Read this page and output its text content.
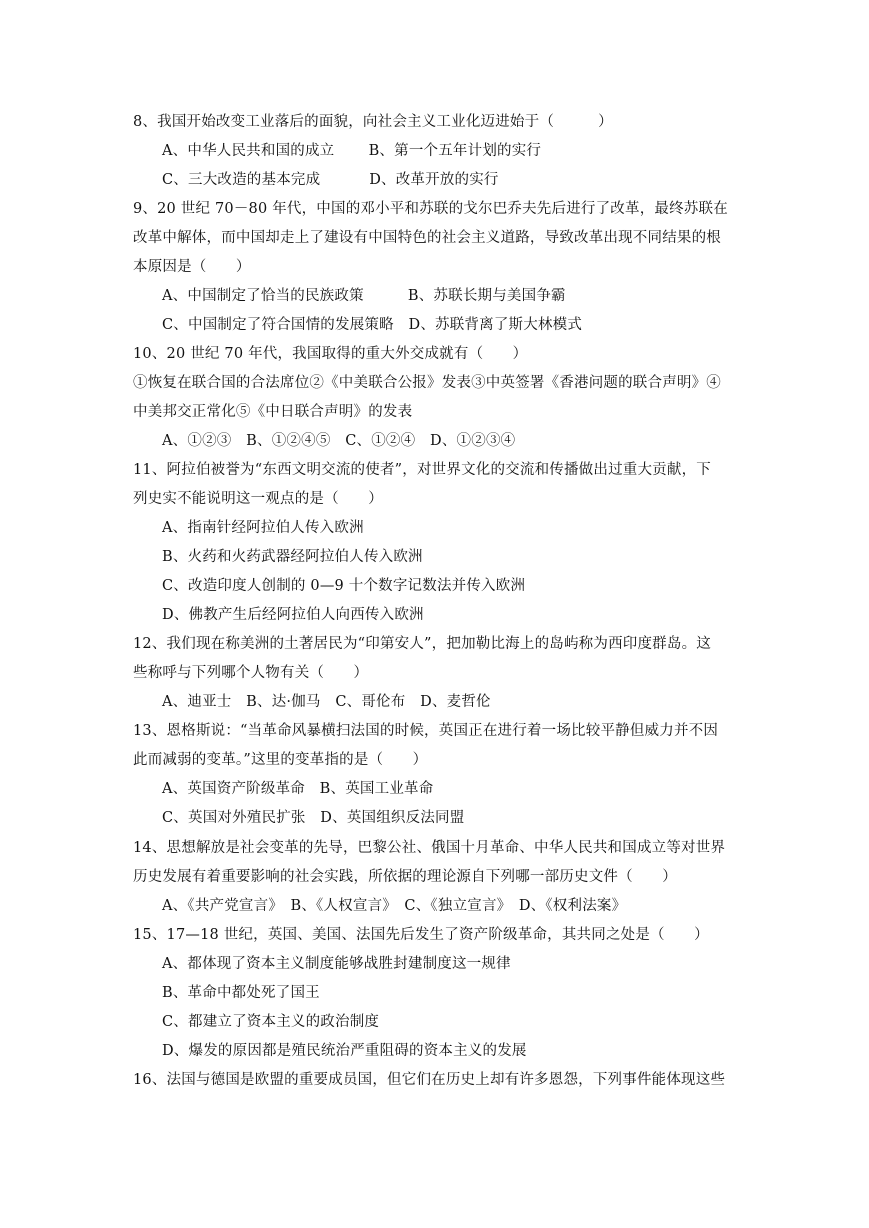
8、我国开始改变工业落后的面貌，向社会主义工业化迈进始于（　　　）
A、中华人民共和国的成立　　 B、第一个五年计划的实行
C、三大改造的基本完成　　　 D、改革开放的实行
9、20 世纪 70－80 年代，中国的邓小平和苏联的戈尔巴乔夫先后进行了改革，最终苏联在
改革中解体，而中国却走上了建设有中国特色的社会主义道路，导致改革出现不同结果的根
本原因是（　　）
A、中国制定了恰当的民族政策　　　B、苏联长期与美国争霸
C、中国制定了符合国情的发展策略　D、苏联背离了斯大林模式
10、20 世纪 70 年代，我国取得的重大外交成就有（　　）
①恢复在联合国的合法席位②《中美联合公报》发表③中英签署《香港问题的联合声明》④
中美邦交正常化⑤《中日联合声明》的发表
A、①②③　B、①②④⑤　C、①②④　D、①②③④
11、阿拉伯被誉为“东西文明交流的使者”，对世界文化的交流和传播做出过重大贡献，下
列史实不能说明这一观点的是（　　）
A、指南针经阿拉伯人传入欧洲
B、火药和火药武器经阿拉伯人传入欧洲
C、改造印度人创制的 0—9 十个数字记数法并传入欧洲
D、佛教产生后经阿拉伯人向西传入欧洲
12、我们现在称美洲的土著居民为“印第安人”，把加勒比海上的岛屿称为西印度群岛。这
些称呼与下列哪个人物有关（　　）
A、迪亚士　B、达·伽马　C、哥伦布　D、麦哲伦
13、恩格斯说：“当革命风暴横扫法国的时候，英国正在进行着一场比较平静但威力并不因
此而减弱的变革。”这里的变革指的是（　　）
A、英国资产阶级革命　B、英国工业革命
C、英国对外殖民扩张　D、英国组织反法同盟
14、思想解放是社会变革的先导，巴黎公社、俄国十月革命、中华人民共和国成立等对世界
历史发展有着重要影响的社会实践，所依据的理论源自下列哪一部历史文件（　　）
A、《共产党宣言》　B、《人权宣言》　C、《独立宣言》　D、《权利法案》
15、17—18 世纪，英国、美国、法国先后发生了资产阶级革命，其共同之处是（　　）
A、都体现了资本主义制度能够战胜封建制度这一规律
B、革命中都处死了国王
C、都建立了资本主义的政治制度
D、爆发的原因都是殖民统治严重阻碍的资本主义的发展
16、法国与德国是欧盟的重要成员国，但它们在历史上却有许多恩怨，下列事件能体现这些
